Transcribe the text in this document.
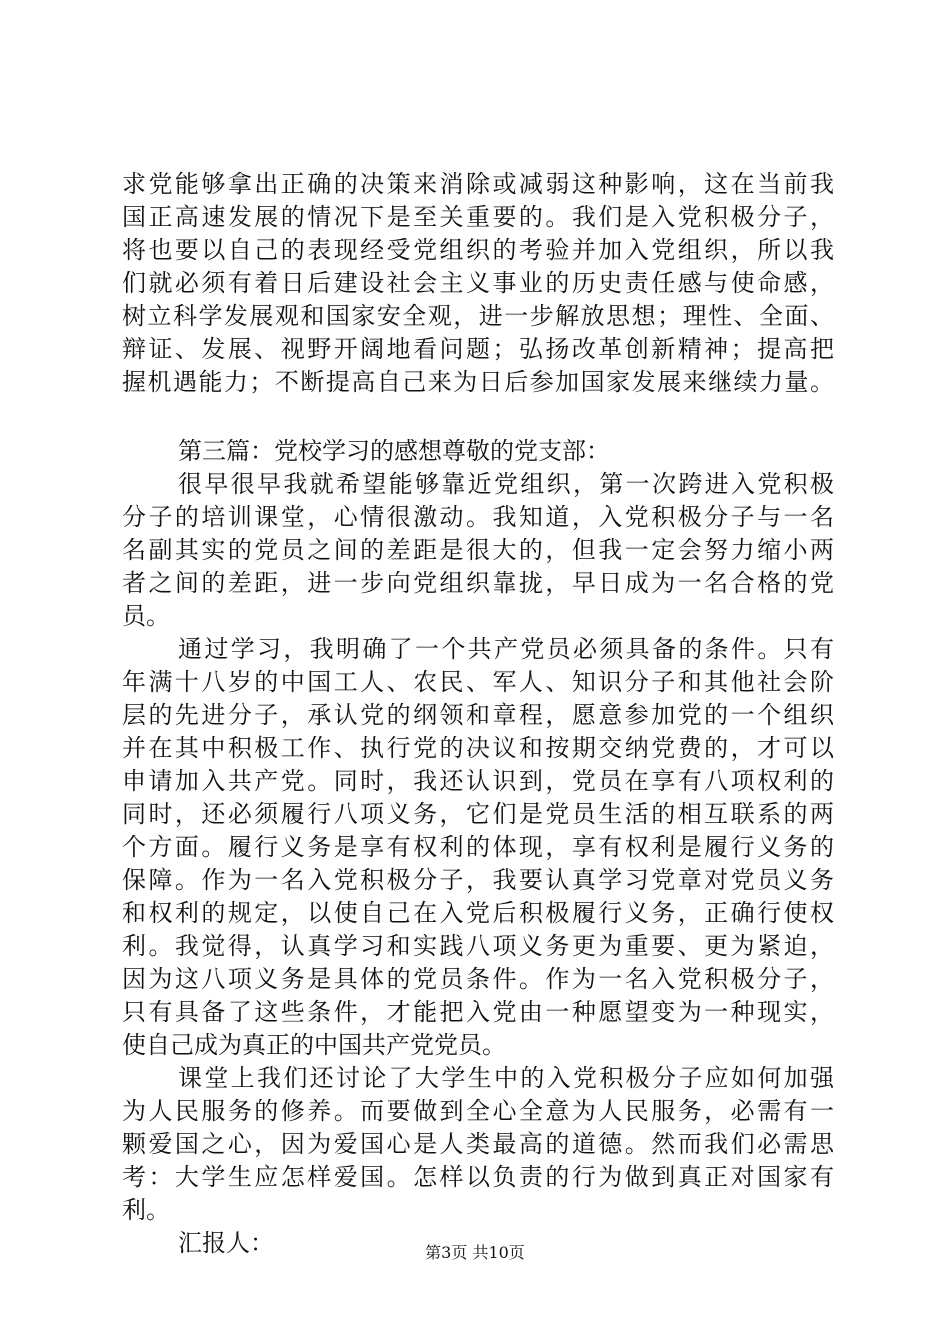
求党能够拿出正确的决策来消除或减弱这种影响，这在当前我
国正高速发展的情况下是至关重要的。我们是入党积极分子，
将也要以自己的表现经受党组织的考验并加入党组织，所以我
们就必须有着日后建设社会主义事业的历史责任感与使命感，
树立科学发展观和国家安全观，进一步解放思想；理性、全面、
辩证、发展、视野开阔地看问题；弘扬改革创新精神；提高把
握机遇能力；不断提高自己来为日后参加国家发展来继续力量。
第三篇：党校学习的感想尊敬的党支部：
很早很早我就希望能够靠近党组织，第一次跨进入党积极
分子的培训课堂，心情很激动。我知道，入党积极分子与一名
名副其实的党员之间的差距是很大的，但我一定会努力缩小两
者之间的差距，进一步向党组织靠拢，早日成为一名合格的党
员。
通过学习，我明确了一个共产党员必须具备的条件。只有
年满十八岁的中国工人、农民、军人、知识分子和其他社会阶
层的先进分子，承认党的纲领和章程，愿意参加党的一个组织
并在其中积极工作、执行党的决议和按期交纳党费的，才可以
申请加入共产党。同时，我还认识到，党员在享有八项权利的
同时，还必须履行八项义务，它们是党员生活的相互联系的两
个方面。履行义务是享有权利的体现，享有权利是履行义务的
保障。作为一名入党积极分子，我要认真学习党章对党员义务
和权利的规定，以使自己在入党后积极履行义务，正确行使权
利。我觉得，认真学习和实践八项义务更为重要、更为紧迫，
因为这八项义务是具体的党员条件。作为一名入党积极分子，
只有具备了这些条件，才能把入党由一种愿望变为一种现实，
使自己成为真正的中国共产党党员。
课堂上我们还讨论了大学生中的入党积极分子应如何加强
为人民服务的修养。而要做到全心全意为人民服务，必需有一
颗爱国之心，因为爱国心是人类最高的道德。然而我们必需思
考：大学生应怎样爱国。怎样以负责的行为做到真正对国家有
利。
汇报人：	第3页 共10页
